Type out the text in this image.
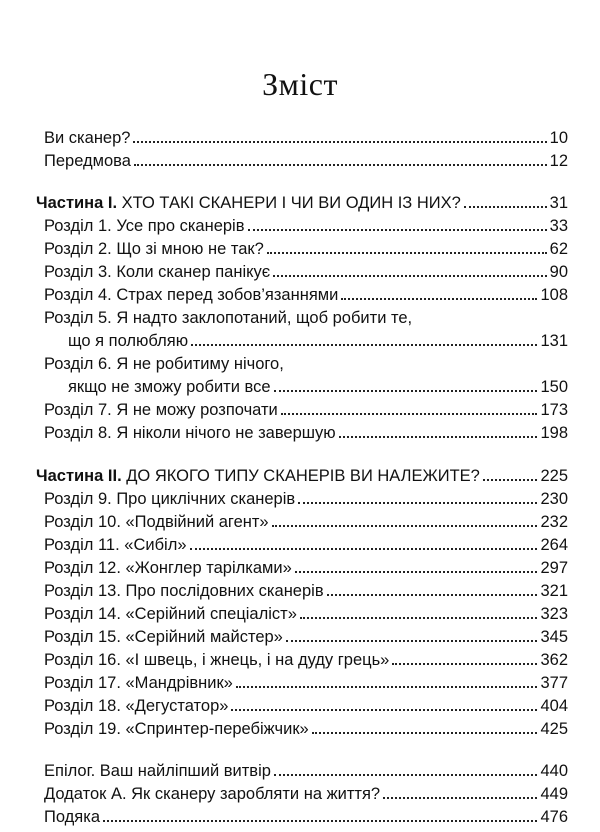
Зміст
Ви сканер?	10
Передмова	12
Частина I. ХТО ТАКІ СКАНЕРИ І ЧИ ВИ ОДИН ІЗ НИХ?	31
Розділ 1. Усе про сканерів	33
Розділ 2. Що зі мною не так?	62
Розділ 3. Коли сканер панікує	90
Розділ 4. Страх перед зобов’язаннями	108
Розділ 5. Я надто заклопотаний, щоб робити те,
що я полюбляю	131
Розділ 6. Я не робитиму нічого,
якщо не зможу робити все	150
Розділ 7. Я не можу розпочати	173
Розділ 8. Я ніколи нічого не завершую	198
Частина II. ДО ЯКОГО ТИПУ СКАНЕРІВ ВИ НАЛЕЖИТЕ?	225
Розділ 9. Про циклічних сканерів	230
Розділ 10. «Подвійний агент»	232
Розділ 11. «Сибіл»	264
Розділ 12. «Жонглер тарілками»	297
Розділ 13. Про послідовних сканерів	321
Розділ 14. «Серійний спеціаліст»	323
Розділ 15. «Серійний майстер»	345
Розділ 16. «І швець, і жнець, і на дуду грець»	362
Розділ 17. «Мандрівник»	377
Розділ 18. «Дегустатор»	404
Розділ 19. «Спринтер-перебіжчик»	425
Епілог. Ваш найліпший витвір	440
Додаток А. Як сканеру заробляти на життя?	449
Подяка	476
